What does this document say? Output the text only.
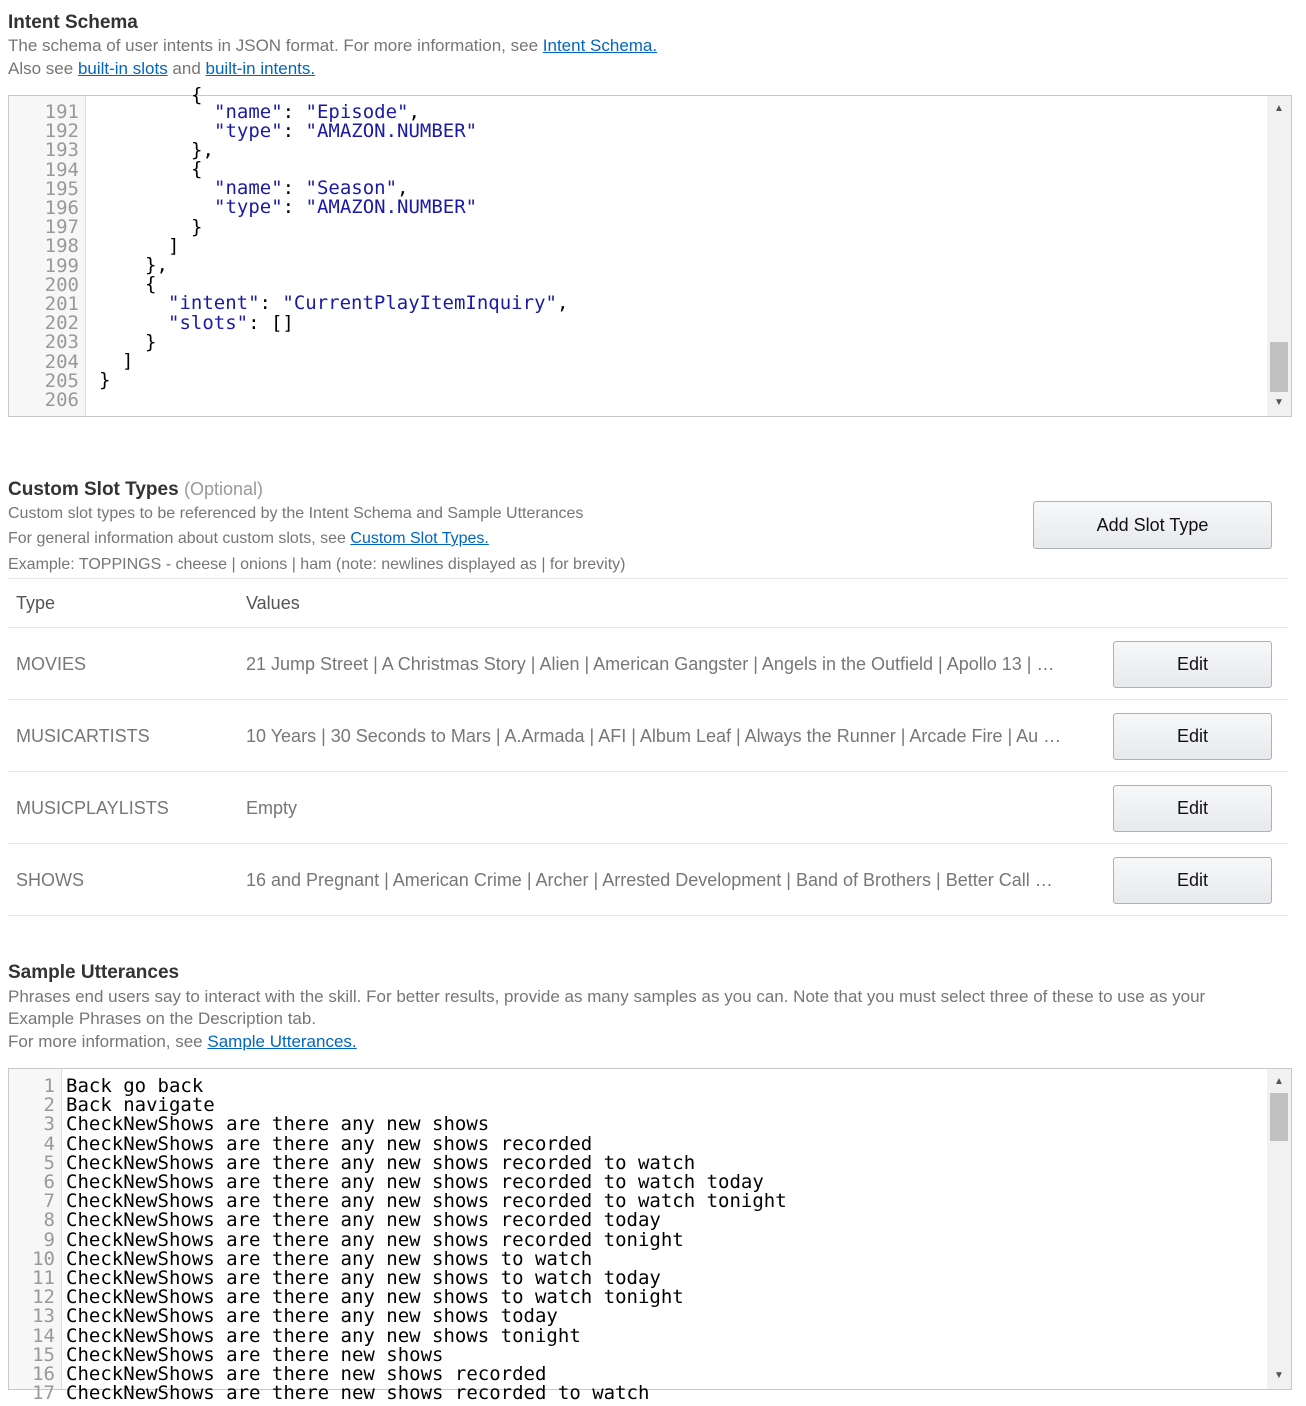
Intent Schema
The schema of user intents in JSON format. For more information, see Intent Schema.
Also see built-in slots and built-in intents.
191
192
193
194
195
196
197
198
199
200
201
202
203
204
205
206

{

"name": "Episode",

"type": "AMAZON.NUMBER"

},

{

"name": "Season",

"type": "AMAZON.NUMBER"

}

]

},

{

"intent": "CurrentPlayItemInquiry",

"slots": []

}

]

}

▲
▼
Custom Slot Types (Optional)
Custom slot types to be referenced by the Intent Schema and Sample Utterances
For general information about custom slots, see Custom Slot Types.
Example: TOPPINGS - cheese | onions | ham (note: newlines displayed as | for brevity)
Add Slot Type
Type	Values
MOVIES	21 Jump Street | A Christmas Story | Alien | American Gangster | Angels in the Outfield | Apollo 13 | …	Edit
MUSICARTISTS	10 Years | 30 Seconds to Mars | A.Armada | AFI | Album Leaf | Always the Runner | Arcade Fire | Au …	Edit
MUSICPLAYLISTS	Empty	Edit
SHOWS	16 and Pregnant | American Crime | Archer | Arrested Development | Band of Brothers | Better Call …	Edit
Sample Utterances
Phrases end users say to interact with the skill. For better results, provide as many samples as you can. Note that you must select three of these to use as your
Example Phrases on the Description tab.
For more information, see Sample Utterances.
1
2
3
4
5
6
7
8
9
10
11
12
13
14
15
16
17
Back go back
Back navigate
CheckNewShows are there any new shows
CheckNewShows are there any new shows recorded
CheckNewShows are there any new shows recorded to watch
CheckNewShows are there any new shows recorded to watch today
CheckNewShows are there any new shows recorded to watch tonight
CheckNewShows are there any new shows recorded today
CheckNewShows are there any new shows recorded tonight
CheckNewShows are there any new shows to watch
CheckNewShows are there any new shows to watch today
CheckNewShows are there any new shows to watch tonight
CheckNewShows are there any new shows today
CheckNewShows are there any new shows tonight
CheckNewShows are there new shows
CheckNewShows are there new shows recorded
CheckNewShows are there new shows recorded to watch
▲
▼
